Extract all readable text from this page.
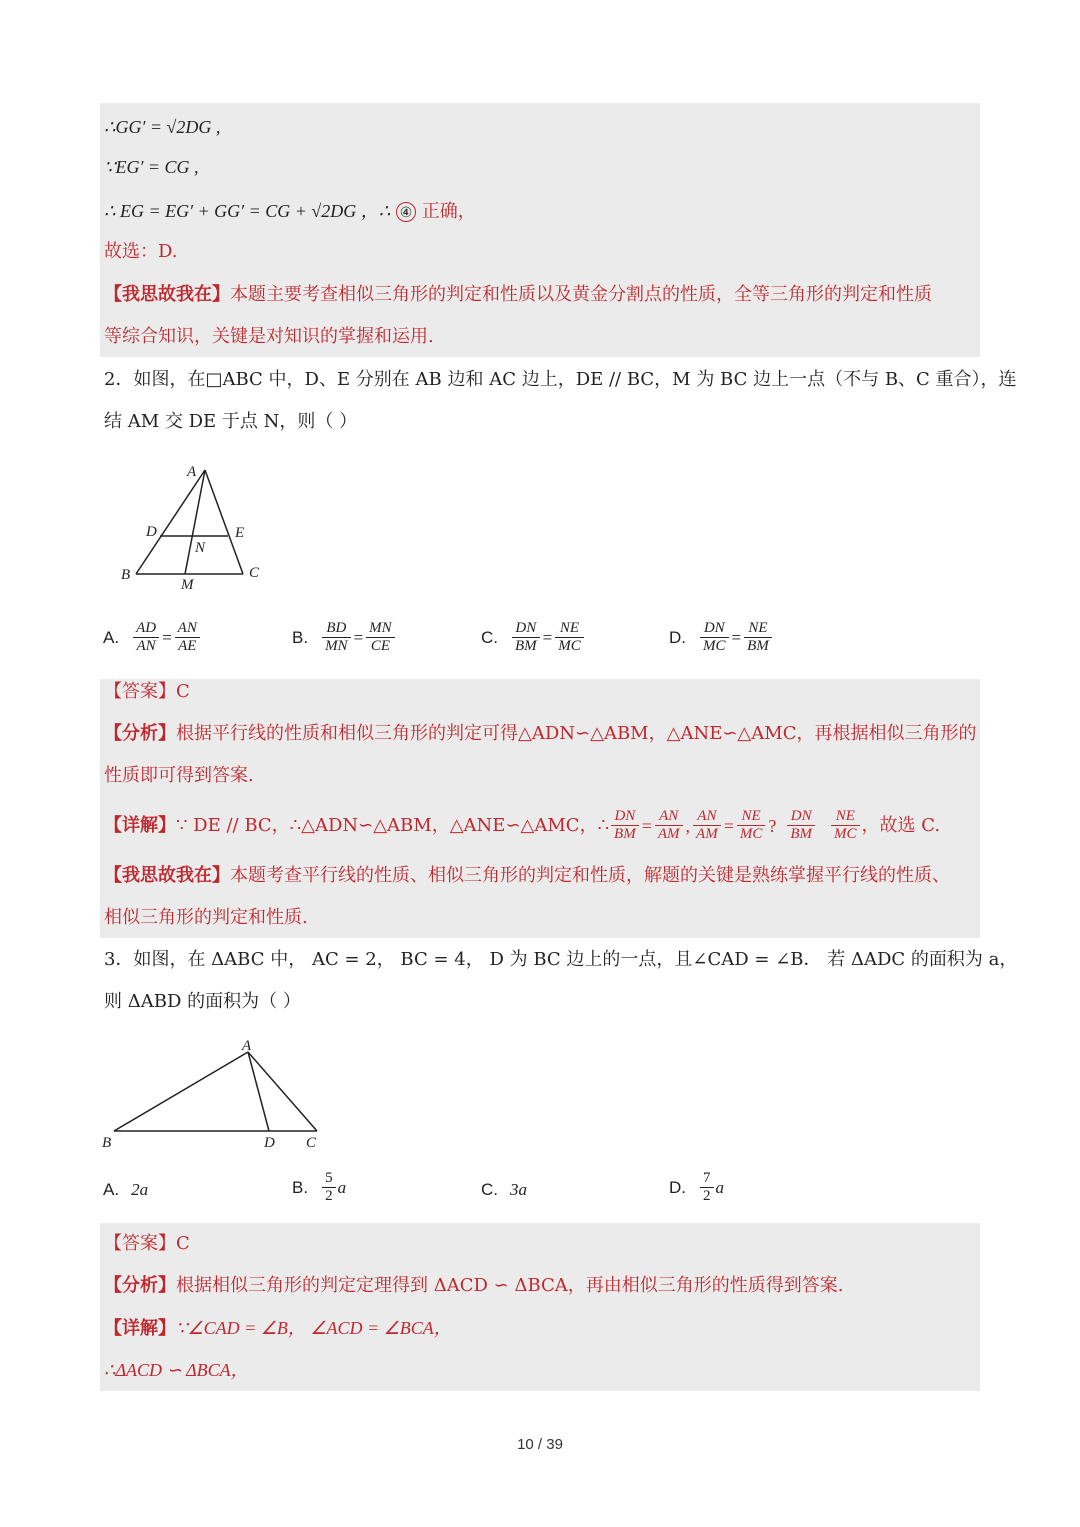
∴GG′ = √2DG ,
∵EG′ = CG ,
∴ EG = EG′ + GG′ = CG + √2DG ，∴ ④ 正确，
故选：D.
【我思故我在】本题主要考查相似三角形的判定和性质以及黄金分割点的性质，全等三角形的判定和性质
等综合知识，关键是对知识的掌握和运用.
2．如图，在□ABC 中，D、E 分别在 AB 边和 AC 边上，DE // BC，M 为 BC 边上一点（不与 B、C 重合），连
结 AM 交 DE 于点 N，则（ ）
A
D	E
N
B
M
C
A. $\frac{AD}{AN} = \frac{AN}{AE}$	B. $\frac{BD}{MN} = \frac{MN}{CE}$	C. $\frac{DN}{BM} = \frac{NE}{MC}$	D. $\frac{DN}{MC} = \frac{NE}{BM}$
【答案】C
【分析】根据平行线的性质和相似三角形的判定可得△ADN∽△ABM，△ANE∽△AMC，再根据相似三角形的
性质即可得到答案.
【详解】 ∵ DE // BC，∴△ADN∽△ABM，△ANE∽△AMC，∴ $\frac{DN}{BM} = \frac{AN}{AM}$ , $\frac{AN}{AM} = \frac{NE}{MC}$ ? $\frac{DN}{BM} \frac{NE}{MC}$ ，故选 C.
【我思故我在】本题考查平行线的性质、相似三角形的判定和性质，解题的关键是熟练掌握平行线的性质、
相似三角形的判定和性质.
3．如图，在 ΔABC 中， AC = 2， BC = 4， D 为 BC 边上的一点，且∠CAD = ∠B． 若 ΔADC 的面积为 a，
则 ΔABD 的面积为（ ）
A
B	D C
A. 2a	B. $\frac{5}{2}$ a	C. 3a	D. $\frac{7}{2}$ a
【答案】C
【分析】根据相似三角形的判定定理得到 ΔACD ∽ ΔBCA，再由相似三角形的性质得到答案.
【详解】∵∠CAD = ∠B， ∠ACD = ∠BCA，
∴ΔACD ∽ ΔBCA，
10 / 39
